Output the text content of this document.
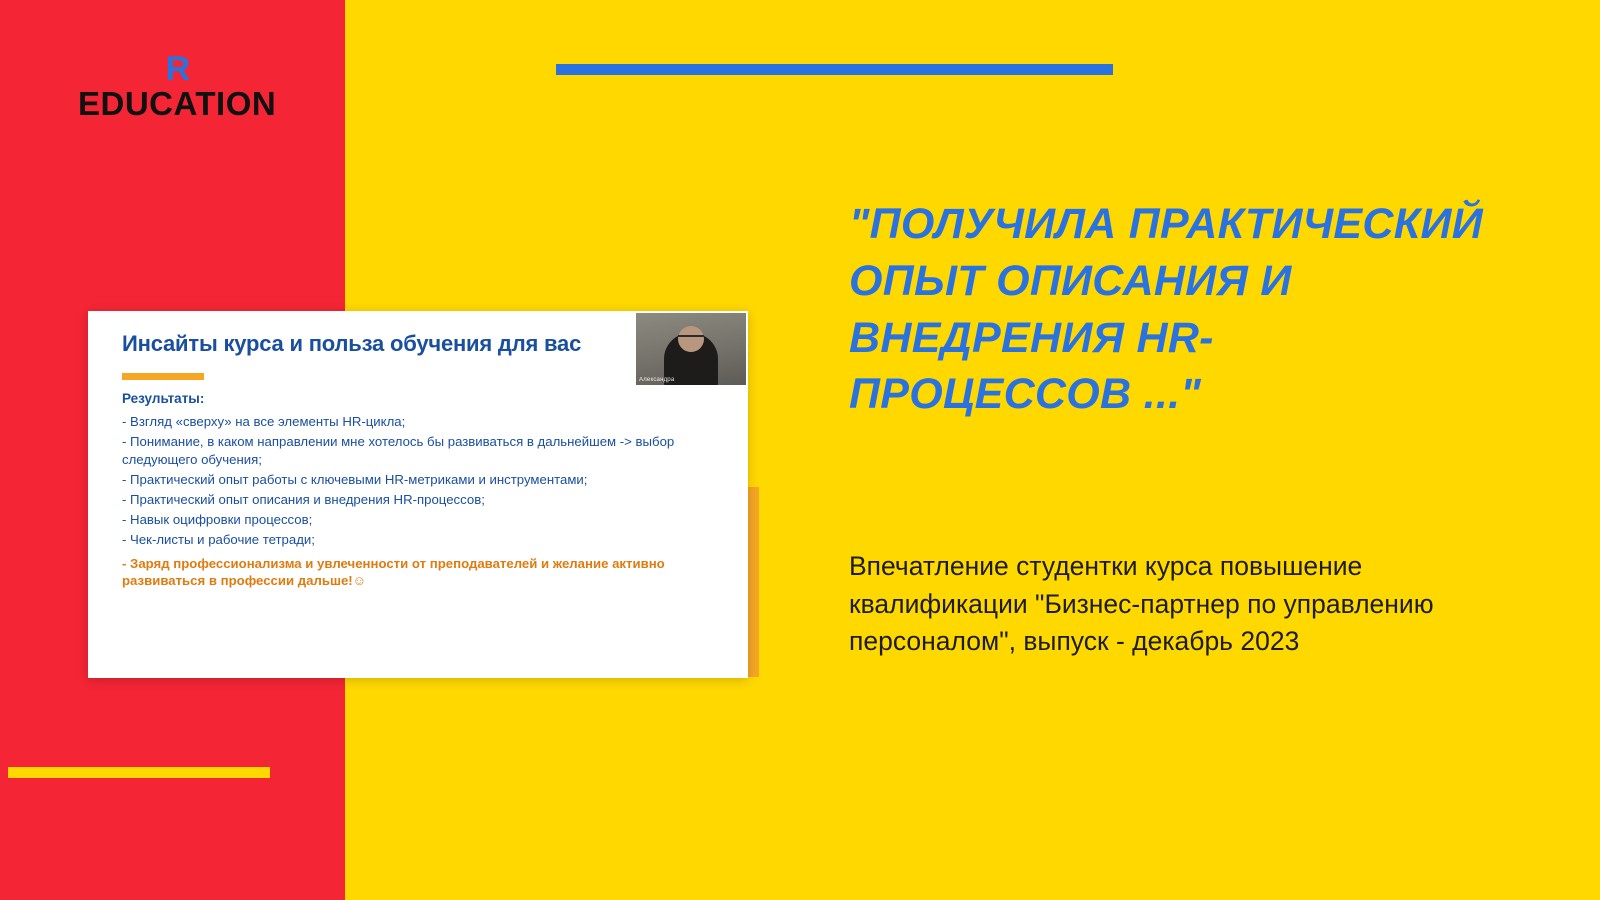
HR
EDUCATION
Инсайты курса и польза обучения для вас
Результаты:
- Взгляд «сверху» на все элементы HR-цикла;
- Понимание, в каком направлении мне хотелось бы развиваться в дальнейшем -> выбор следующего обучения;
- Практический опыт работы с ключевыми HR-метриками и инструментами;
- Практический опыт описания и внедрения HR-процессов;
- Навык оцифровки процессов;
- Чек-листы и рабочие тетради;
- Заряд профессионализма и увлеченности от преподавателей и желание активно развиваться в профессии дальше!☺
Александра
"ПОЛУЧИЛА ПРАКТИЧЕСКИЙ ОПЫТ ОПИСАНИЯ И ВНЕДРЕНИЯ HR-ПРОЦЕССОВ ..."
Впечатление студентки курса повышение квалификации "Бизнес-партнер по управлению персоналом", выпуск - декабрь 2023
